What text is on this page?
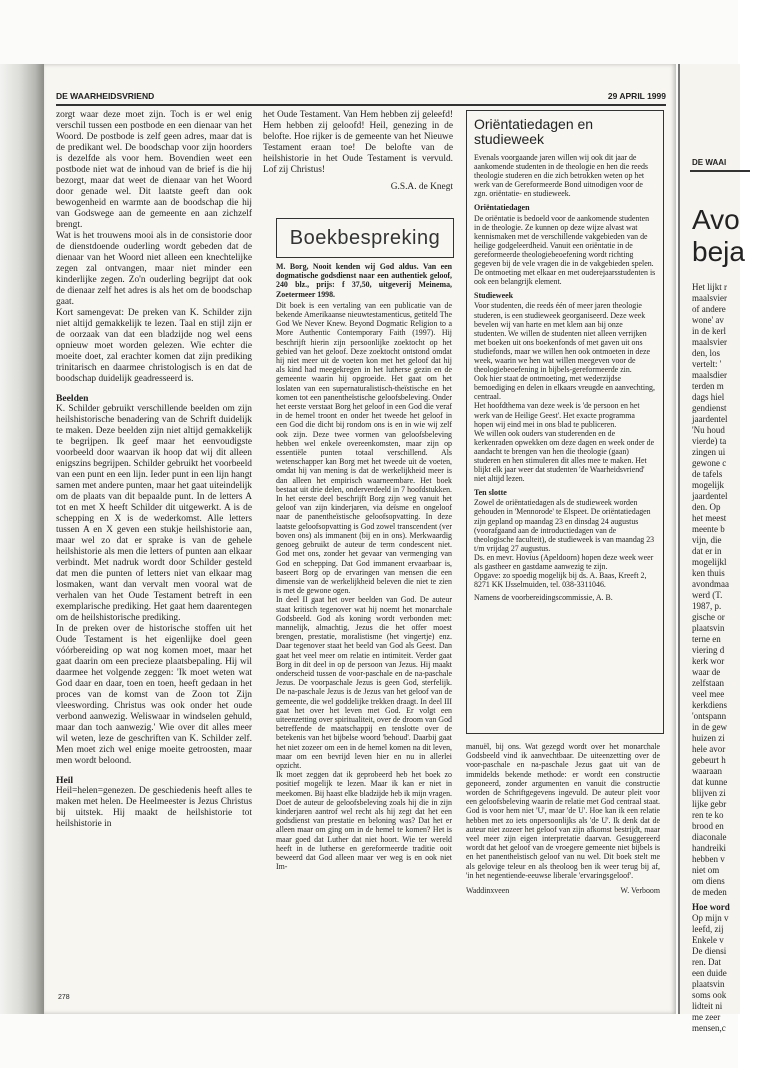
DE WAARHEIDSVRIEND	29 APRIL 1999

zorgt waar deze moet zijn. Toch is er wel enig verschil tussen een postbode en een dienaar van het Woord. De postbode is zelf geen adres, maar dat is de predikant wel. De boodschap voor zijn hoorders is dezelfde als voor hem. Bovendien weet een postbode niet wat de inhoud van de brief is die hij bezorgt, maar dat weet de dienaar van het Woord door genade wel. Dit laatste geeft dan ook bewogenheid en warmte aan de boodschap die hij van Godswege aan de gemeente en aan zichzelf brengt.

Wat is het trouwens mooi als in de consistorie door de dienstdoende ouderling wordt gebeden dat de dienaar van het Woord niet alleen een knechtelijke zegen zal ontvangen, maar niet minder een kinderlijke zegen. Zo'n ouderling begrijpt dat ook de dienaar zelf het adres is als het om de boodschap gaat.

Kort samengevat: De preken van K. Schilder zijn niet altijd gemakkelijk te lezen. Taal en stijl zijn er de oorzaak van dat een bladzijde nog wel eens opnieuw moet worden gelezen. Wie echter die moeite doet, zal erachter komen dat zijn prediking trinitarisch en daarmee christologisch is en dat de boodschap duidelijk geadresseerd is.

Beelden

K. Schilder gebruikt verschillende beelden om zijn heilshistorische benadering van de Schrift duidelijk te maken. Deze beelden zijn niet altijd gemakkelijk te begrijpen. Ik geef maar het eenvoudigste voorbeeld door waarvan ik hoop dat wij dit alleen enigszins begrijpen. Schilder gebruikt het voorbeeld van een punt en een lijn. Ieder punt in een lijn hangt samen met andere punten, maar het gaat uiteindelijk om de plaats van dit bepaalde punt. In de letters A tot en met X heeft Schilder dit uitgewerkt. A is de schepping en X is de wederkomst. Alle letters tussen A en X geven een stukje heilshistorie aan, maar wel zo dat er sprake is van de gehele heilshistorie als men die letters of punten aan elkaar verbindt. Met nadruk wordt door Schilder gesteld dat men die punten of letters niet van elkaar mag losmaken, want dan vervalt men vooral wat de verhalen van het Oude Testament betreft in een exemplarische prediking. Het gaat hem daarentegen om de heilshistorische prediking.

In de preken over de historische stoffen uit het Oude Testament is het eigenlijke doel geen vóórbereiding op wat nog komen moet, maar het gaat daarin om een precieze plaatsbepaling. Hij wil daarmee het volgende zeggen: 'Ik moet weten wat God daar en daar, toen en toen, heeft gedaan in het proces van de komst van de Zoon tot Zijn vleeswording. Christus was ook onder het oude verbond aanwezig. Weliswaar in windselen gehuld, maar dan toch aanwezig.' Wie over dit alles meer wil weten, leze de geschriften van K. Schilder zelf. Men moet zich wel enige moeite getroosten, maar men wordt beloond.

Heil

Heil=helen=genezen. De geschiedenis heeft alles te maken met helen. De Heelmeester is Jezus Christus bij uitstek. Hij maakt de heilshistorie tot heilshistorie in

het Oude Testament. Van Hem hebben zij geleefd! Hem hebben zij geloofd! Heil, genezing in de belofte. Hoe rijker is de gemeente van het Nieuwe Testament eraan toe! De belofte van de heilshistorie in het Oude Testament is vervuld. Lof zij Christus!

G.S.A. de Knegt

Boekbespreking

M. Borg, Nooit kenden wij God aldus. Van een dogmatische godsdienst naar een authentiek geloof, 240 blz., prijs: f 37,50, uitgeverij Meinema, Zoetermeer 1998.

Dit boek is een vertaling van een publicatie van de bekende Amerikaanse nieuwtestamenticus, getiteld The God We Never Knew. Beyond Dogmatic Religion to a More Authentic Contemporary Faith (1997). Hij beschrijft hierin zijn persoonlijke zoektocht op het gebied van het geloof. Deze zoektocht ontstond omdat hij niet meer uit de voeten kon met het geloof dat hij als kind had meegekregen in het lutherse gezin en de gemeente waarin hij opgroeide. Het gaat om het loslaten van een supernaturalistisch-theïstische en het komen tot een panentheïstische geloofsbeleving. Onder het eerste verstaat Borg het geloof in een God die veraf in de hemel troont en onder het tweede het geloof in een God die dicht bij rondom ons is en in wie wij zelf ook zijn. Deze twee vormen van geloofsbeleving hebben wel enkele overeenkomsten, maar zijn op essentiële punten totaal verschillend. Als wetenschapper kan Borg met het tweede uit de voeten, omdat hij van mening is dat de werkelijkheid meer is dan alleen het empirisch waarneembare. Het boek bestaat uit drie delen, onderverdeeld in 7 hoofdstukken. In het eerste deel beschrijft Borg zijn weg vanuit het geloof van zijn kinderjaren, via deïsme en ongeloof naar de panentheïstische geloofsopvatting. In deze laatste geloofsopvatting is God zowel transcendent (ver boven ons) als immanent (bij en in ons). Merkwaardig genoeg gebruikt de auteur de term condescent niet. God met ons, zonder het gevaar van vermenging van God en schepping. Dat God immanent ervaarbaar is, baseert Borg op de ervaringen van mensen die een dimensie van de werkelijkheid beleven die niet te zien is met de gewone ogen.

In deel II gaat het over beelden van God. De auteur staat kritisch tegenover wat hij noemt het monarchale Godsbeeld. God als koning wordt verbonden met: mannelijk, almachtig, Jezus die het offer moest brengen, prestatie, moralistisme (het vingertje) enz. Daar tegenover staat het beeld van God als Geest. Dan gaat het veel meer om relatie en intimiteit. Verder gaat Borg in dit deel in op de persoon van Jezus. Hij maakt onderscheid tussen de voor-paschale en de na-paschale Jezus. De voorpaschale Jezus is geen God, sterfelijk. De na-paschale Jezus is de Jezus van het geloof van de gemeente, die wel goddelijke trekken draagt. In deel III gaat het over het leven met God. Er volgt een uiteenzetting over spiritualiteit, over de droom van God betreffende de maatschappij en tenslotte over de betekenis van het bijbelse woord 'behoud'. Daarbij gaat het niet zozeer om een in de hemel komen na dit leven, maar om een bevrijd leven hier en nu in allerlei opzicht.

Ik moet zeggen dat ik geprobeerd heb het boek zo positief mogelijk te lezen. Maar ik kan er niet in meekomen. Bij haast elke bladzijde heb ik mijn vragen. Doet de auteur de geloofsbeleving zoals hij die in zijn kinderjaren aantrof wel recht als hij zegt dat het een godsdienst van prestatie en beloning was? Dat het er alleen maar om ging om in de hemel te komen? Het is maar goed dat Luther dat niet hoort. Wie ter wereld heeft in de lutherse en gereformeerde traditie ooit beweerd dat God alleen maar ver weg is en ook niet Im-

Oriëntatiedagen en studieweek

Evenals voorgaande jaren willen wij ook dit jaar de aankomende studenten in de theologie en hen die reeds theologie studeren en die zich betrokken weten op het werk van de Gereformeerde Bond uitnodigen voor de zgn. oriëntatie- en studieweek.

Oriëntatiedagen

De oriëntatie is bedoeld voor de aankomende studenten in de theologie. Ze kunnen op deze wijze alvast wat kennismaken met de verschillende vakgebieden van de heilige godgeleerdheid. Vanuit een oriëntatie in de gereformeerde theologiebeoefening wordt richting gegeven bij de vele vragen die in de vakgebieden spelen.

De ontmoeting met elkaar en met ouderejaarsstudenten is ook een belangrijk element.

Studieweek

Voor studenten, die reeds één of meer jaren theologie studeren, is een studieweek georganiseerd. Deze week bevelen wij van harte en met klem aan bij onze studenten. We willen de studenten niet alleen verrijken met boeken uit ons boekenfonds of met gaven uit ons studiefonds, maar we willen hen ook ontmoeten in deze week, waarin we hen wat willen meegeven voor de theologiebeoefening in bijbels-gereformeerde zin.

Ook hier staat de ontmoeting, met wederzijdse bemoediging en delen in elkaars vreugde en aanvechting, centraal.

Het hoofdthema van deze week is 'de persoon en het werk van de Heilige Geest'. Het exacte programma hopen wij eind mei in ons blad te publiceren.

We willen ook ouders van studerenden en de kerkenraden opwekken om deze dagen en week onder de aandacht te brengen van hen die theologie (gaan) studeren en hen stimuleren dit alles mee te maken. Het blijkt elk jaar weer dat studenten 'de Waarheidsvriend' niet altijd lezen.

Ten slotte

Zowel de oriëntatiedagen als de studieweek worden gehouden in 'Mennorode' te Elspeet. De oriëntatiedagen zijn gepland op maandag 23 en dinsdag 24 augustus (voorafgaand aan de introductiedagen van de theologische faculteit), de studieweek is van maandag 23 t/m vrijdag 27 augustus.

Ds. en mevr. Hovius (Apeldoorn) hopen deze week weer als gastheer en gastdame aanwezig te zijn.

Opgave: zo spoedig mogelijk bij ds. A. Baas, Kreeft 2, 8271 KK IJsselmuiden, tel. 038-3311046.

Namens de voorbereidingscommissie, A. B.

manuël, bij ons. Wat gezegd wordt over het monarchale Godsbeeld vind ik aanvechtbaar. De uiteenzetting over de voor-paschale en na-paschale Jezus gaat uit van de immidelds bekende methode: er wordt een constructie geponeerd, zonder argumenten en vanuit die constructie worden de Schriftgegevens ingevuld. De auteur pleit voor een geloofsbeleving waarin de relatie met God centraal staat. God is voor hem niet 'U', maar 'de U'. Hoe kan ik een relatie hebben met zo iets onpersoonlijks als 'de U'. Ik denk dat de auteur niet zozeer het geloof van zijn afkomst bestrijdt, maar veel meer zijn eigen interpretatie daarvan. Gesuggereerd wordt dat het geloof van de vroegere gemeente niet bijbels is en het panentheïstisch geloof van nu wel. Dit boek stelt me als gelovige teleur en als theoloog ben ik weer terug bij af, 'in het negentiende-eeuwse liberale 'ervaringsgeloof'.

Waddinxveen	W. Verboom

278
DE WAAI
Avo
beja
Het lijkt r
maalsvier
of andere
wone' av
in de kerl
maalsvier
den, los
vertelt: '
maalsdier
terden m
dags hiel
gendienst
jaardentel
'Nu houd
vierde) ta
zingen ui
gewone c
de tafels
mogelijk
jaardentel
den. Op
het meest
meente b
vijn, die
dat er in
mogelijkl
ken thuis
avondmaa
werd (T.
1987, p.
gische or
plaatsvin
terne en
viering d
kerk wor
waar de
zelfstaan
veel mee
kerkdiens
'ontspann
in de gew
huizen zi
hele avor
gebeurt h
waaraan
dat kunne
blijven zi
lijke gebr
ren te ko
brood en
diaconale
handreiki
hebben v
niet om
om diens
de meden
Hoe word
Op mijn v
leefd, zij
Enkele v
De diensi
ren. Dat
een duide
plaatsvin
soms ook
lidteit ni
me zeer
mensen,c
